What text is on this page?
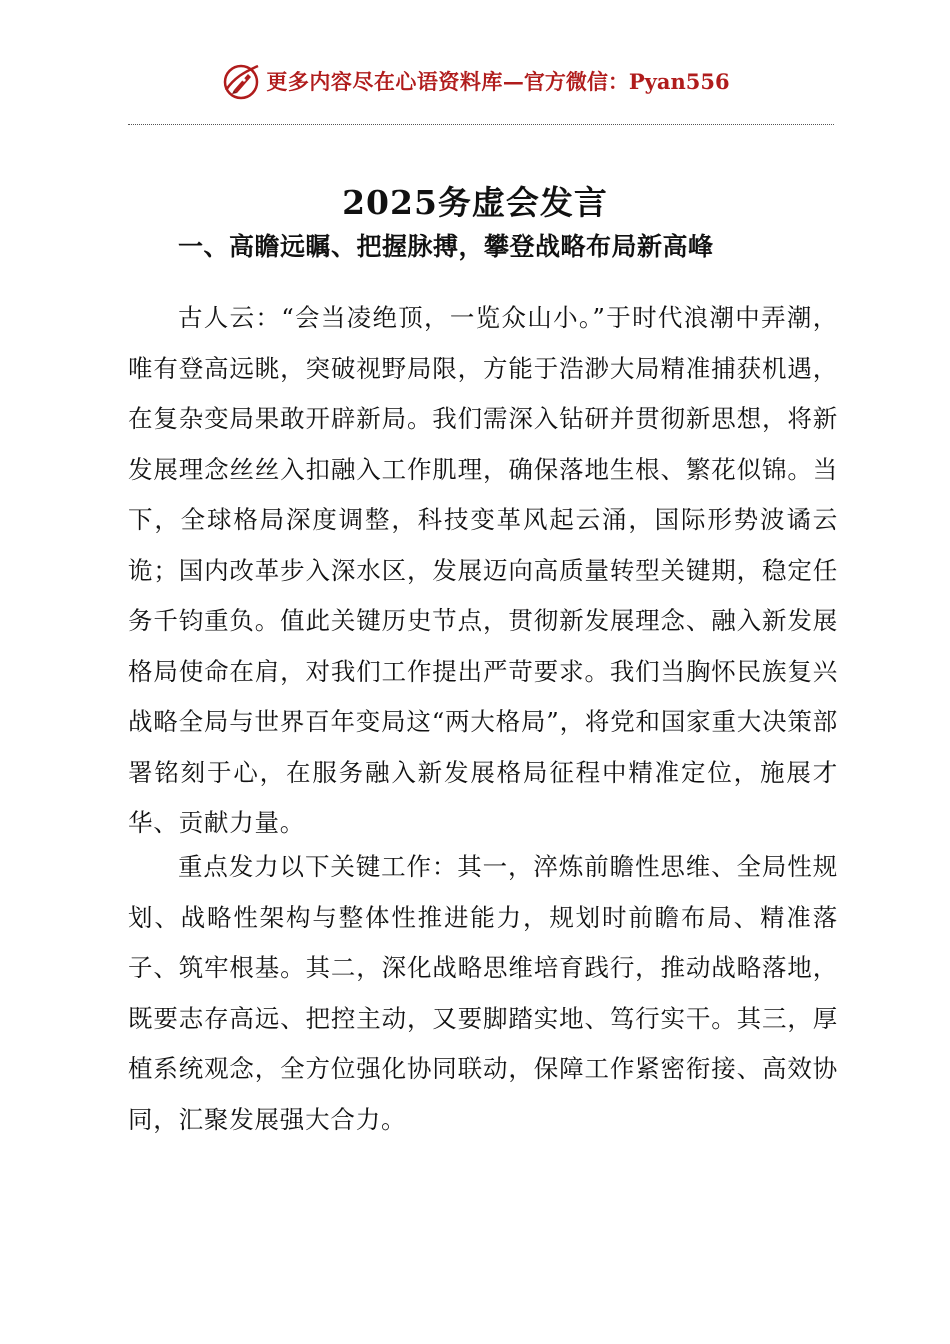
更多内容尽在心语资料库 — 官方微信：Pyan556
2025务虚会发言
一、高瞻远瞩、把握脉搏，攀登战略布局新高峰

古人云：“会当凌绝顶，一览众山小。”于时代浪潮中弄潮，唯有登高远眺，突破视野局限，方能于浩渺大局精准捕获机遇，在复杂变局果敢开辟新局。我们需深入钻研并贯彻新思想，将新发展理念丝丝入扣融入工作肌理，确保落地生根、繁花似锦。当下，全球格局深度调整，科技变革风起云涌，国际形势波谲云诡；国内改革步入深水区，发展迈向高质量转型关键期，稳定任务千钧重负。值此关键历史节点，贯彻新发展理念、融入新发展格局使命在肩，对我们工作提出严苛要求。我们当胸怀民族复兴战略全局与世界百年变局这“两大格局”，将党和国家重大决策部署铭刻于心，在服务融入新发展格局征程中精准定位，施展才华、贡献力量。

重点发力以下关键工作：其一，淬炼前瞻性思维、全局性规划、战略性架构与整体性推进能力，规划时前瞻布局、精准落子、筑牢根基。其二，深化战略思维培育践行，推动战略落地，既要志存高远、把控主动，又要脚踏实地、笃行实干。其三，厚植系统观念，全方位强化协同联动，保障工作紧密衔接、高效协同，汇聚发展强大合力。
